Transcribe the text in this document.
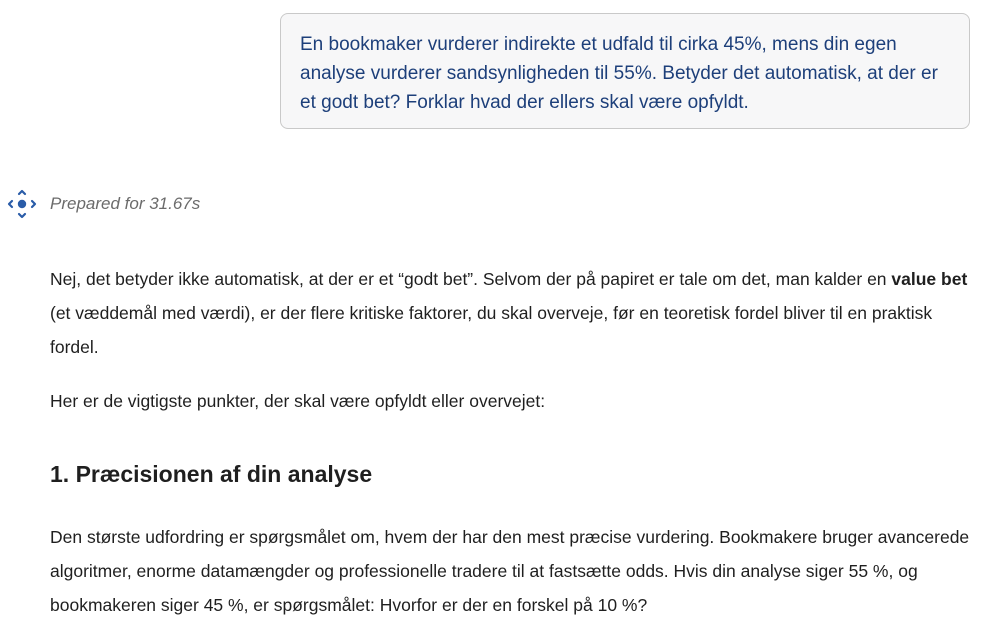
En bookmaker vurderer indirekte et udfald til cirka 45%, mens din egen analyse vurderer sandsynligheden til 55%. Betyder det automatisk, at der er et godt bet? Forklar hvad der ellers skal være opfyldt.

Prepared for 31.67s

Nej, det betyder ikke automatisk, at der er et “godt bet”. Selvom der på papiret er tale om det, man kalder en value bet (et væddemål med værdi), er der flere kritiske faktorer, du skal overveje, før en teoretisk fordel bliver til en praktisk fordel.

Her er de vigtigste punkter, der skal være opfyldt eller overvejet:

1. Præcisionen af din analyse

Den største udfordring er spørgsmålet om, hvem der har den mest præcise vurdering. Bookmakere bruger avancerede algoritmer, enorme datamængder og professionelle tradere til at fastsætte odds. Hvis din analyse siger 55 %, og bookmakeren siger 45 %, er spørgsmålet: Hvorfor er der en forskel på 10 %?
